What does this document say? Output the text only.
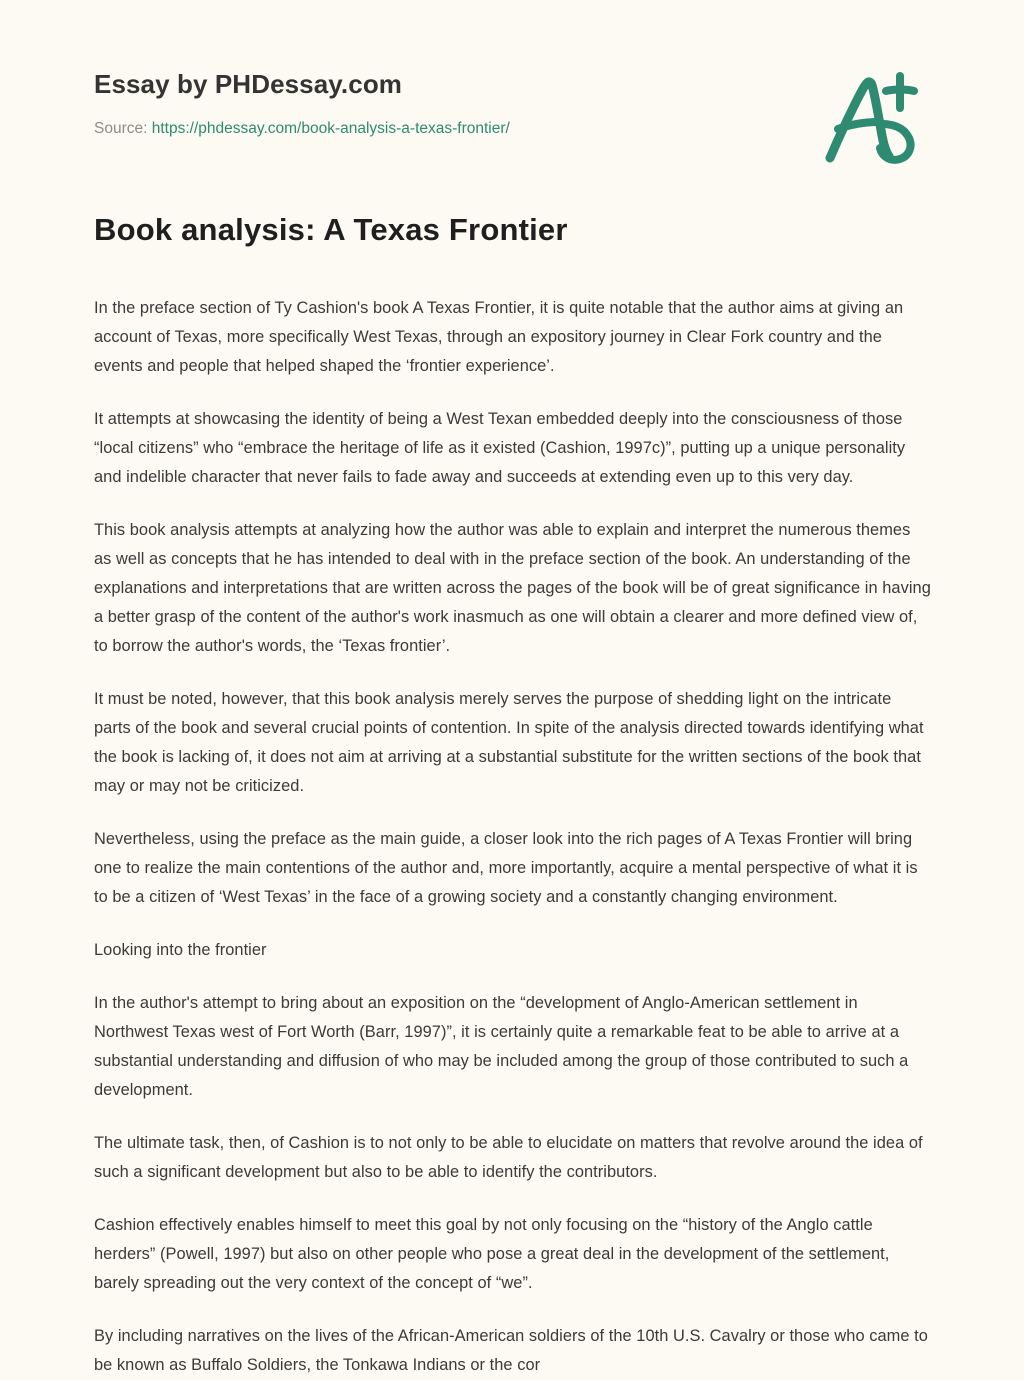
Essay by PHDessay.com
Source: https://phdessay.com/book-analysis-a-texas-frontier/
Book analysis: A Texas Frontier

In the preface section of Ty Cashion's book A Texas Frontier, it is quite notable that the author aims at giving an account of Texas, more specifically West Texas, through an expository journey in Clear Fork country and the events and people that helped shaped the ‘frontier experience’.

It attempts at showcasing the identity of being a West Texan embedded deeply into the consciousness of those “local citizens” who “embrace the heritage of life as it existed (Cashion, 1997c)”, putting up a unique personality and indelible character that never fails to fade away and succeeds at extending even up to this very day.

This book analysis attempts at analyzing how the author was able to explain and interpret the numerous themes as well as concepts that he has intended to deal with in the preface section of the book. An understanding of the explanations and interpretations that are written across the pages of the book will be of great significance in having a better grasp of the content of the author's work inasmuch as one will obtain a clearer and more defined view of, to borrow the author's words, the ‘Texas frontier’.

It must be noted, however, that this book analysis merely serves the purpose of shedding light on the intricate parts of the book and several crucial points of contention. In spite of the analysis directed towards identifying what the book is lacking of, it does not aim at arriving at a substantial substitute for the written sections of the book that may or may not be criticized.

Nevertheless, using the preface as the main guide, a closer look into the rich pages of A Texas Frontier will bring one to realize the main contentions of the author and, more importantly, acquire a mental perspective of what it is to be a citizen of ‘West Texas’ in the face of a growing society and a constantly changing environment.

Looking into the frontier

In the author's attempt to bring about an exposition on the “development of Anglo-American settlement in Northwest Texas west of Fort Worth (Barr, 1997)”, it is certainly quite a remarkable feat to be able to arrive at a substantial understanding and diffusion of who may be included among the group of those contributed to such a development.

The ultimate task, then, of Cashion is to not only to be able to elucidate on matters that revolve around the idea of such a significant development but also to be able to identify the contributors.

Cashion effectively enables himself to meet this goal by not only focusing on the “history of the Anglo cattle herders” (Powell, 1997) but also on other people who pose a great deal in the development of the settlement, barely spreading out the very context of the concept of “we”.

By including narratives on the lives of the African-American soldiers of the 10th U.S. Cavalry or those who came to be known as Buffalo Soldiers, the Tonkawa Indians or the cor
